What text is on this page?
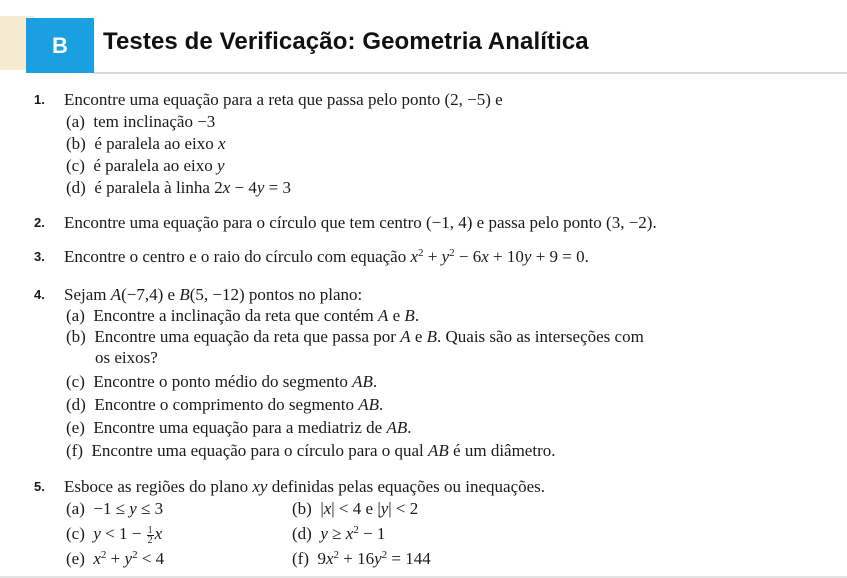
B	Testes de Verificação: Geometria Analítica
1. Encontre uma equação para a reta que passa pelo ponto (2, −5) e
(a)  tem inclinação −3
(b)  é paralela ao eixo x
(c)  é paralela ao eixo y
(d)  é paralela à linha 2x − 4y = 3
2. Encontre uma equação para o círculo que tem centro (−1, 4) e passa pelo ponto (3, −2).
3. Encontre o centro e o raio do círculo com equação $x^2 + y^2 - 6x + 10y + 9 = 0$.
4. Sejam A(−7,4) e B(5, −12) pontos no plano:
(a)  Encontre a inclinação da reta que contém A e B.
(b)  Encontre uma equação da reta que passa por A e B. Quais são as interseções com
os eixos?
(c)  Encontre o ponto médio do segmento AB.
(d)  Encontre o comprimento do segmento AB.
(e)  Encontre uma equação para a mediatriz de AB.
(f)  Encontre uma equação para o círculo para o qual AB é um diâmetro.
5. Esboce as regiões do plano xy definidas pelas equações ou inequações.
(a)  −1 ≤ y ≤ 3	(b)  |x| < 4 e |y| < 2
(c)  $y < 1 - \frac{1}{2}$ x	(d)  $y \ge x^2 - 1$
(e)  $x^2 + y^2 < 4$	(f)  $9x^2 + 16y^2 = 144$
